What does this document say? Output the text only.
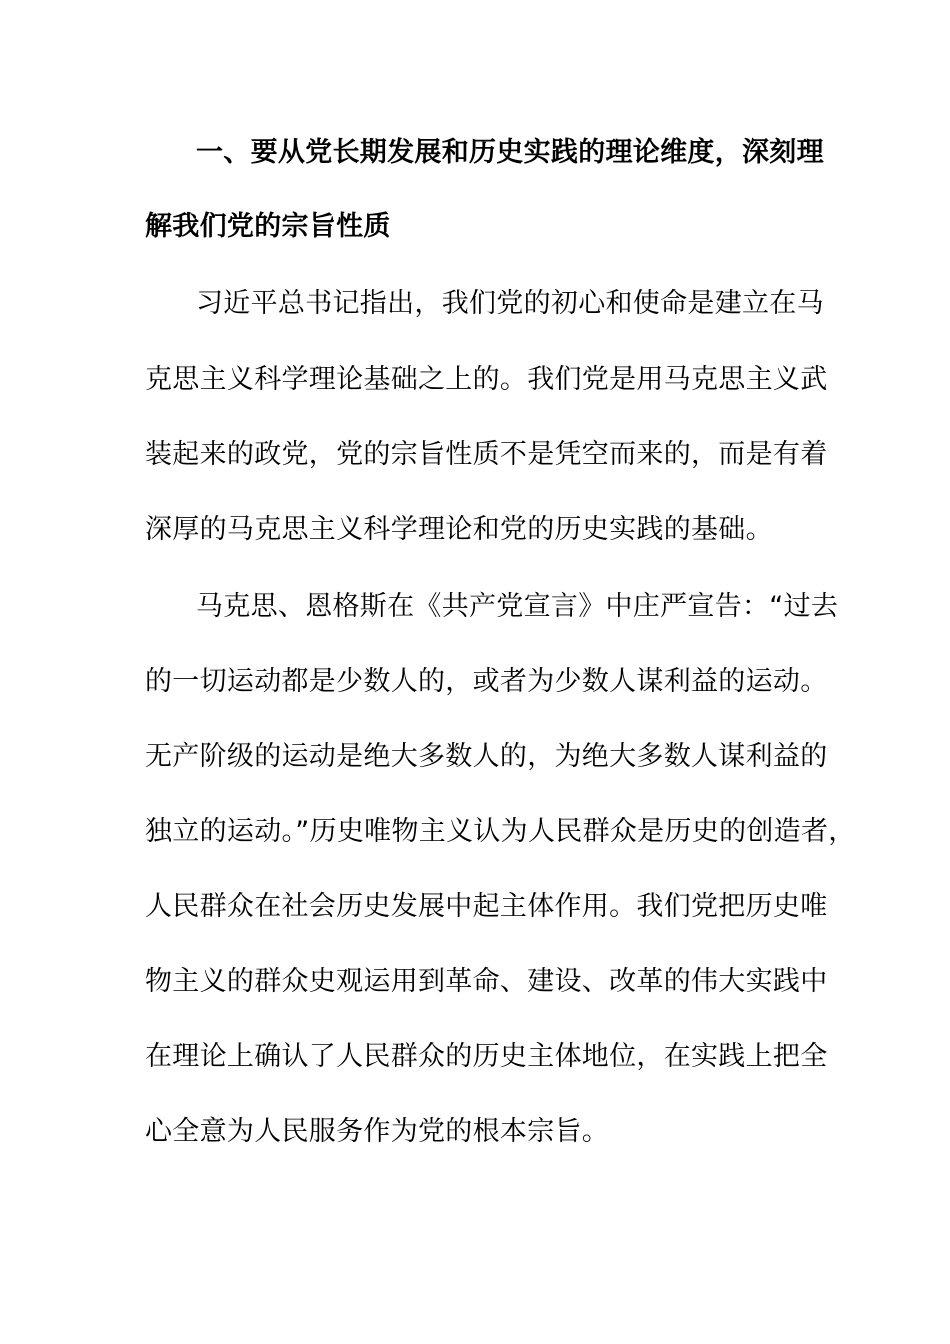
一、要从党长期发展和历史实践的理论维度，深刻理
解我们党的宗旨性质
习近平总书记指出，我们党的初心和使命是建立在马
克思主义科学理论基础之上的。我们党是用马克思主义武
装起来的政党，党的宗旨性质不是凭空而来的，而是有着
深厚的马克思主义科学理论和党的历史实践的基础。
马克思、恩格斯在《共产党宣言》中庄严宣告：“过去
的一切运动都是少数人的，或者为少数人谋利益的运动。
无产阶级的运动是绝大多数人的，为绝大多数人谋利益的
独立的运动。”历史唯物主义认为人民群众是历史的创造者，
人民群众在社会历史发展中起主体作用。我们党把历史唯
物主义的群众史观运用到革命、建设、改革的伟大实践中
在理论上确认了人民群众的历史主体地位，在实践上把全
心全意为人民服务作为党的根本宗旨。
